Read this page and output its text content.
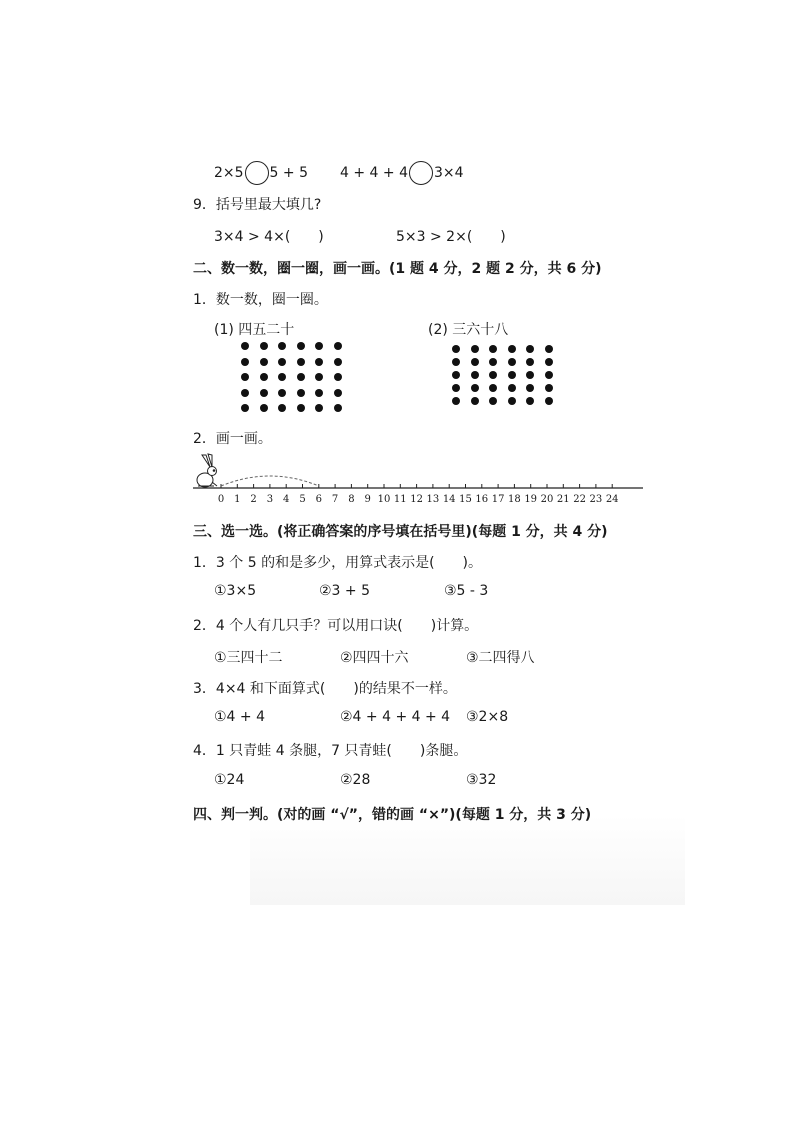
2×5 5 + 5 4 + 4 + 4 3×4
9．括号里最大填几?
3×4 > 4×(　　)	5×3 > 2×(　　)
二、数一数，圈一圈，画一画。(1 题 4 分，2 题 2 分，共 6 分)
1．数一数，圈一圈。
(1) 四五二十	(2) 三六十八
2．画一画。
0 1 2 3 4 5 6 7 8 9 10 11 12 13 14 15 16 17 18 19 20 21 22 23 24
三、选一选。(将正确答案的序号填在括号里)(每题 1 分，共 4 分)
1．3 个 5 的和是多少，用算式表示是(　　)。
①3×5	②3 + 5	③5 - 3
2．4 个人有几只手？可以用口诀(　　)计算。
①三四十二	②四四十六	③二四得八
3．4×4 和下面算式(　　)的结果不一样。
①4 + 4	②4 + 4 + 4 + 4 ③2×8
4．1 只青蛙 4 条腿，7 只青蛙(　　)条腿。
①24	②28	③32
四、判一判。(对的画 “√”，错的画 “×”)(每题 1 分，共 3 分)
